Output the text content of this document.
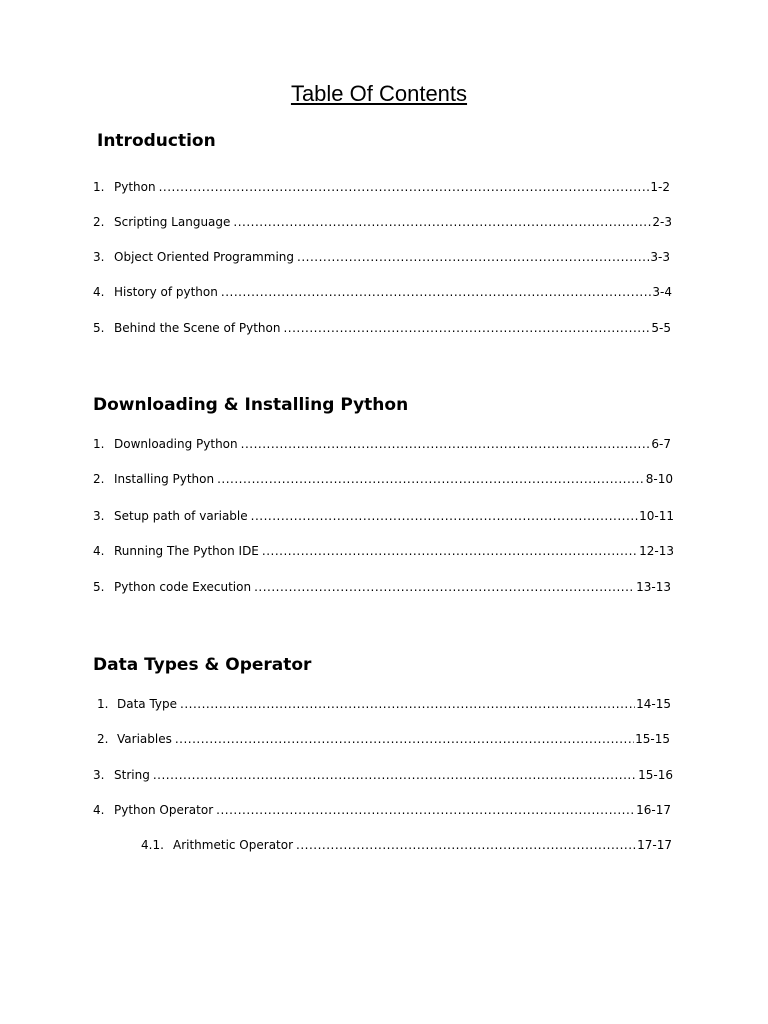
Table Of Contents
Introduction
1. Python .....	1-2
2. Scripting Language .....	2-3
3. Object Oriented Programming .....	3-3
4. History of python .....	3-4
5. Behind the Scene of Python .....	5-5
Downloading & Installing Python
1. Downloading Python .....	6-7
2. Installing Python .....	8-10
3. Setup path of variable .....	10-11
4. Running The Python IDE .....	12-13
5. Python code Execution .....	13-13
Data Types & Operator
1. Data Type .....	14-15
2. Variables .....	15-15
3. String .....	15-16
4. Python Operator .....	16-17
4.1. Arithmetic Operator .....	17-17
